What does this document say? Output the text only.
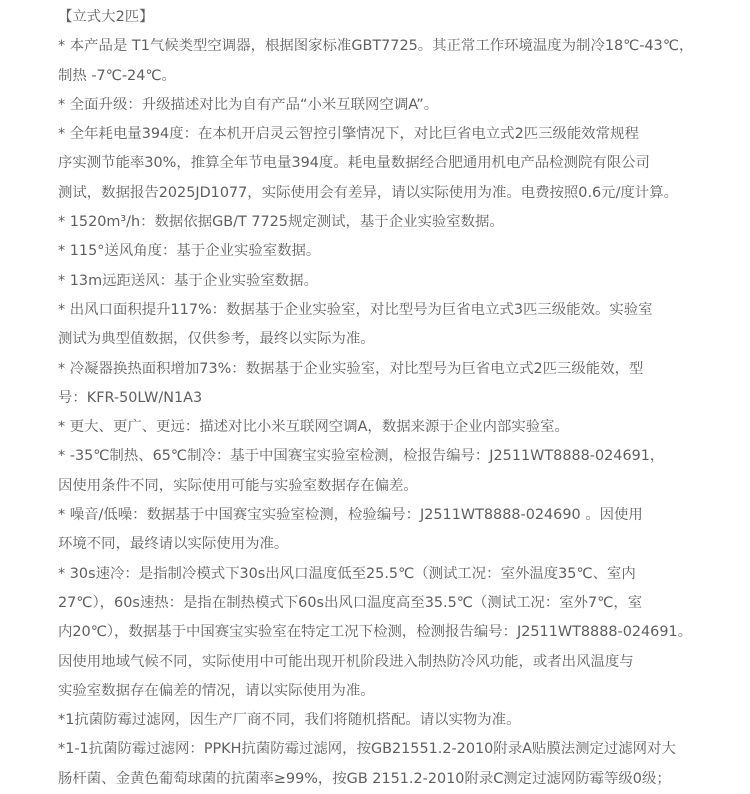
【立式大2匹】
* 本产品是 T1气候类型空调器，根据图家标准GBT7725。其正常工作环境温度为制冷18℃-43℃，
制热 -7℃-24℃。
* 全面升级：升级描述对比为自有产品“小米互联网空调A”。
* 全年耗电量394度：在本机开启灵云智控引擎情况下，对比巨省电立式2匹三级能效常规程
序实测节能率30%，推算全年节电量394度。耗电量数据经合肥通用机电产品检测院有限公司
测试，数据报告2025JD1077，实际使用会有差异，请以实际使用为准。电费按照0.6元/度计算。
* 1520m³/h：数据依据GB/T 7725规定测试，基于企业实验室数据。
* 115°送风角度：基于企业实验室数据。
* 13m远距送风：基于企业实验室数据。
* 出风口面积提升117%：数据基于企业实验室，对比型号为巨省电立式3匹三级能效。实验室
测试为典型值数据，仅供参考，最终以实际为准。
* 冷凝器换热面积增加73%：数据基于企业实验室，对比型号为巨省电立式2匹三级能效，型
号：KFR-50LW/N1A3
* 更大、更广、更远：描述对比小米互联网空调A，数据来源于企业内部实验室。
* -35℃制热、65℃制冷：基于中国赛宝实验室检测，检报告编号：J2511WT8888-024691，
因使用条件不同，实际使用可能与实验室数据存在偏差。
* 噪音/低噪：数据基于中国赛宝实验室检测，检验编号：J2511WT8888-024690 。因使用
环境不同，最终请以实际使用为准。
* 30s速冷：是指制冷模式下30s出风口温度低至25.5℃（测试工况：室外温度35℃、室内
27℃），60s速热：是指在制热模式下60s出风口温度高至35.5℃（测试工况：室外7℃，室
内20℃），数据基于中国赛宝实验室在特定工况下检测，检测报告编号：J2511WT8888-024691。
因使用地域气候不同，实际使用中可能出现开机阶段进入制热防冷风功能，或者出风温度与
实验室数据存在偏差的情况，请以实际使用为准。
*1抗菌防霉过滤网，因生产厂商不同，我们将随机搭配。请以实物为准。
*1-1抗菌防霉过滤网：PPKH抗菌防霉过滤网，按GB21551.2-2010附录A贴膜法测定过滤网对大
肠杆菌、金黄色葡萄球菌的抗菌率≥99%，按GB 2151.2-2010附录C测定过滤网防霉等级0级；
